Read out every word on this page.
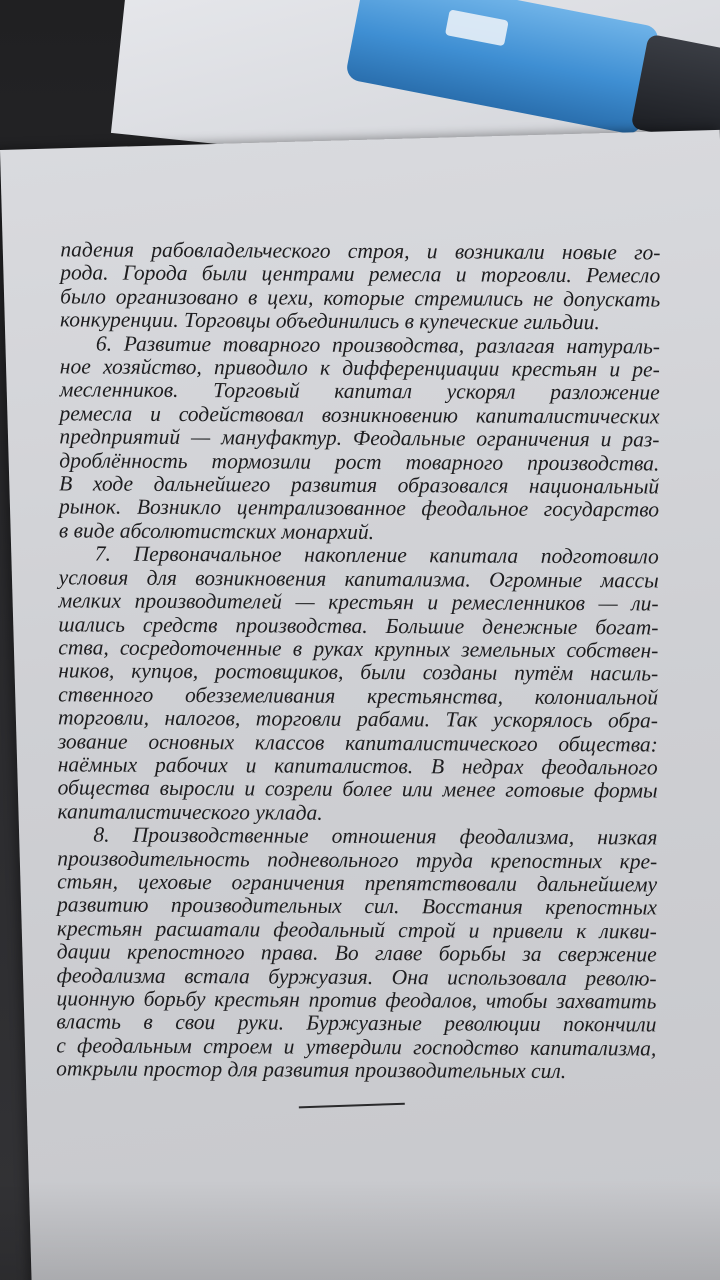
падения рабовладельческого строя, и возникали новые го-
рода. Города были центрами ремесла и торговли. Ремесло
было организовано в цехи, которые стремились не допускать
конкуренции. Торговцы объединились в купеческие гильдии.
6. Развитие товарного производства, разлагая натураль-
ное хозяйство, приводило к дифференциации крестьян и ре-
месленников. Торговый капитал ускорял разложение
ремесла и содействовал возникновению капиталистических
предприятий — мануфактур. Феодальные ограничения и раз-
дроблённость тормозили рост товарного производства.
В ходе дальнейшего развития образовался национальный
рынок. Возникло централизованное феодальное государство
в виде абсолютистских монархий.
7. Первоначальное накопление капитала подготовило
условия для возникновения капитализма. Огромные массы
мелких производителей — крестьян и ремесленников — ли-
шались средств производства. Большие денежные богат-
ства, сосредоточенные в руках крупных земельных собствен-
ников, купцов, ростовщиков, были созданы путём насиль-
ственного обезземеливания крестьянства, колониальной
торговли, налогов, торговли рабами. Так ускорялось обра-
зование основных классов капиталистического общества:
наёмных рабочих и капиталистов. В недрах феодального
общества выросли и созрели более или менее готовые формы
капиталистического уклада.
8. Производственные отношения феодализма, низкая
производительность подневольного труда крепостных кре-
стьян, цеховые ограничения препятствовали дальнейшему
развитию производительных сил. Восстания крепостных
крестьян расшатали феодальный строй и привели к ликви-
дации крепостного права. Во главе борьбы за свержение
феодализма встала буржуазия. Она использовала револю-
ционную борьбу крестьян против феодалов, чтобы захватить
власть в свои руки. Буржуазные революции покончили
с феодальным строем и утвердили господство капитализма,
открыли простор для развития производительных сил.
